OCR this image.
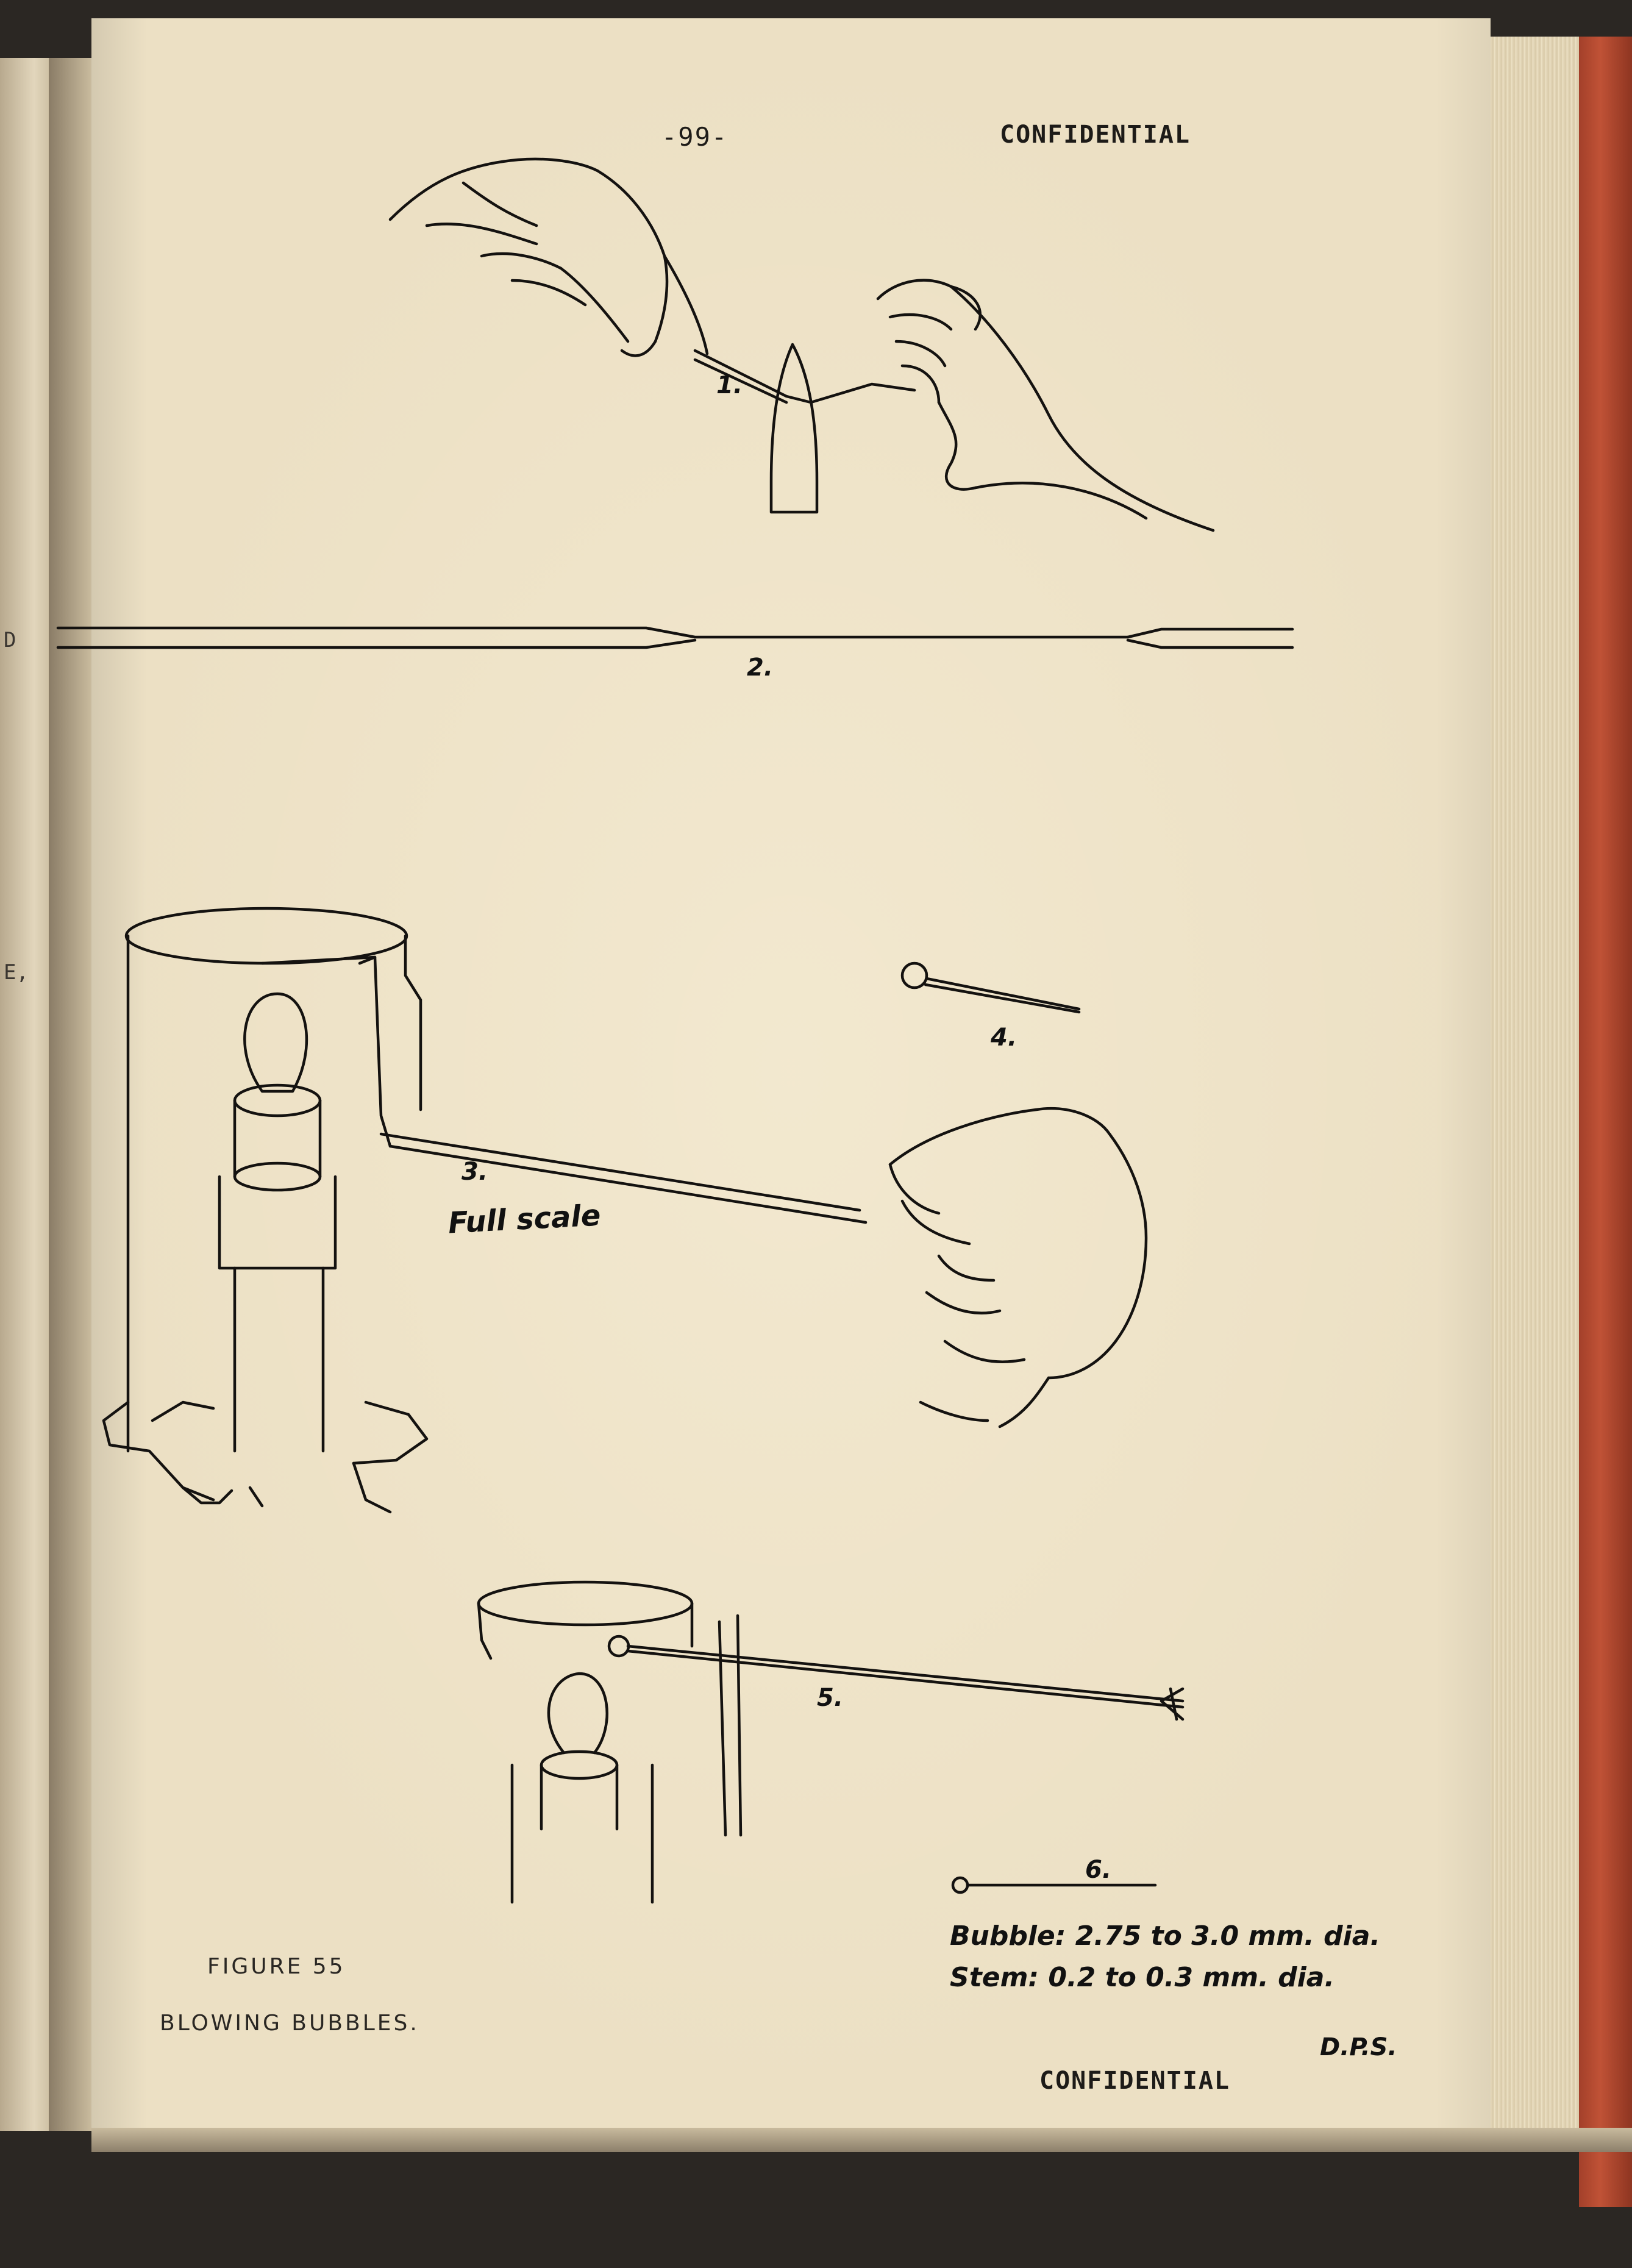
D
E,
-99-	CONFIDENTIAL
CONFIDENTIAL
1.
2.
3.
4.
5.
6.
Full scale
Bubble: 2.75 to 3.0 mm. dia.
Stem: 0.2 to 0.3 mm. dia.
D.P.S.
FIGURE 55
BLOWING BUBBLES.
